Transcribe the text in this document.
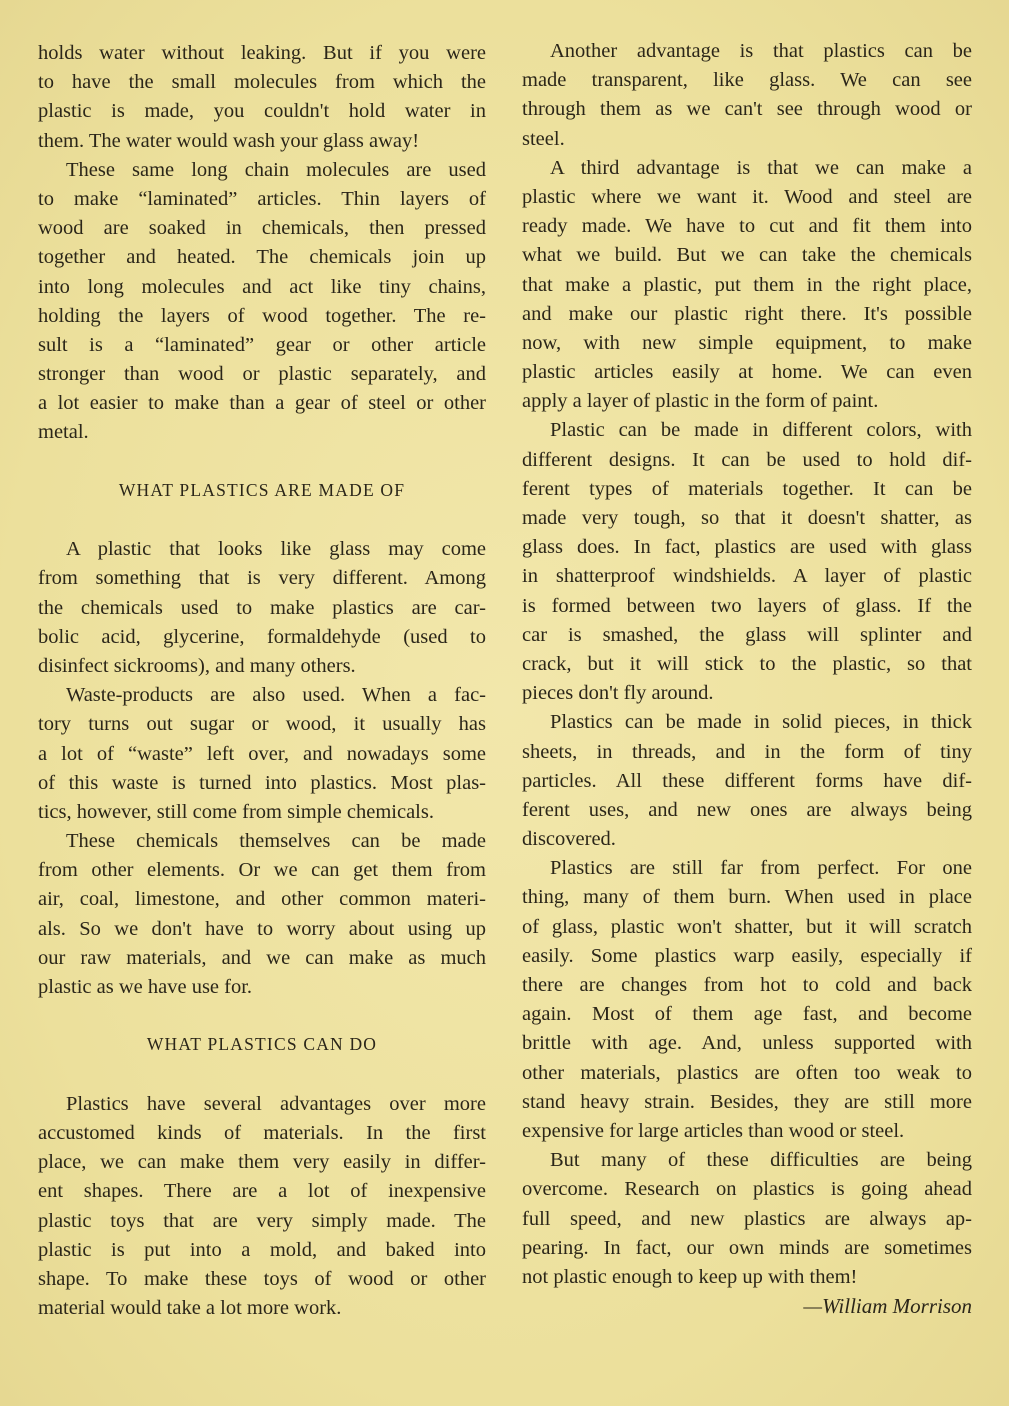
holds water without leaking. But if you were
to have the small molecules from which the
plastic is made, you couldn't hold water in
them. The water would wash your glass away!
These same long chain molecules are used
to make “laminated” articles. Thin layers of
wood are soaked in chemicals, then pressed
together and heated. The chemicals join up
into long molecules and act like tiny chains,
holding the layers of wood together. The re-
sult is a “laminated” gear or other article
stronger than wood or plastic separately, and
a lot easier to make than a gear of steel or other
metal.
WHAT PLASTICS ARE MADE OF
A plastic that looks like glass may come
from something that is very different. Among
the chemicals used to make plastics are car-
bolic acid, glycerine, formaldehyde (used to
disinfect sickrooms), and many others.
Waste-products are also used. When a fac-
tory turns out sugar or wood, it usually has
a lot of “waste” left over, and nowadays some
of this waste is turned into plastics. Most plas-
tics, however, still come from simple chemicals.
These chemicals themselves can be made
from other elements. Or we can get them from
air, coal, limestone, and other common materi-
als. So we don't have to worry about using up
our raw materials, and we can make as much
plastic as we have use for.
WHAT PLASTICS CAN DO
Plastics have several advantages over more
accustomed kinds of materials. In the first
place, we can make them very easily in differ-
ent shapes. There are a lot of inexpensive
plastic toys that are very simply made. The
plastic is put into a mold, and baked into
shape. To make these toys of wood or other
material would take a lot more work.
Another advantage is that plastics can be
made transparent, like glass. We can see
through them as we can't see through wood or
steel.
A third advantage is that we can make a
plastic where we want it. Wood and steel are
ready made. We have to cut and fit them into
what we build. But we can take the chemicals
that make a plastic, put them in the right place,
and make our plastic right there. It's possible
now, with new simple equipment, to make
plastic articles easily at home. We can even
apply a layer of plastic in the form of paint.
Plastic can be made in different colors, with
different designs. It can be used to hold dif-
ferent types of materials together. It can be
made very tough, so that it doesn't shatter, as
glass does. In fact, plastics are used with glass
in shatterproof windshields. A layer of plastic
is formed between two layers of glass. If the
car is smashed, the glass will splinter and
crack, but it will stick to the plastic, so that
pieces don't fly around.
Plastics can be made in solid pieces, in thick
sheets, in threads, and in the form of tiny
particles. All these different forms have dif-
ferent uses, and new ones are always being
discovered.
Plastics are still far from perfect. For one
thing, many of them burn. When used in place
of glass, plastic won't shatter, but it will scratch
easily. Some plastics warp easily, especially if
there are changes from hot to cold and back
again. Most of them age fast, and become
brittle with age. And, unless supported with
other materials, plastics are often too weak to
stand heavy strain. Besides, they are still more
expensive for large articles than wood or steel.
But many of these difficulties are being
overcome. Research on plastics is going ahead
full speed, and new plastics are always ap-
pearing. In fact, our own minds are sometimes
not plastic enough to keep up with them!
—William Morrison
